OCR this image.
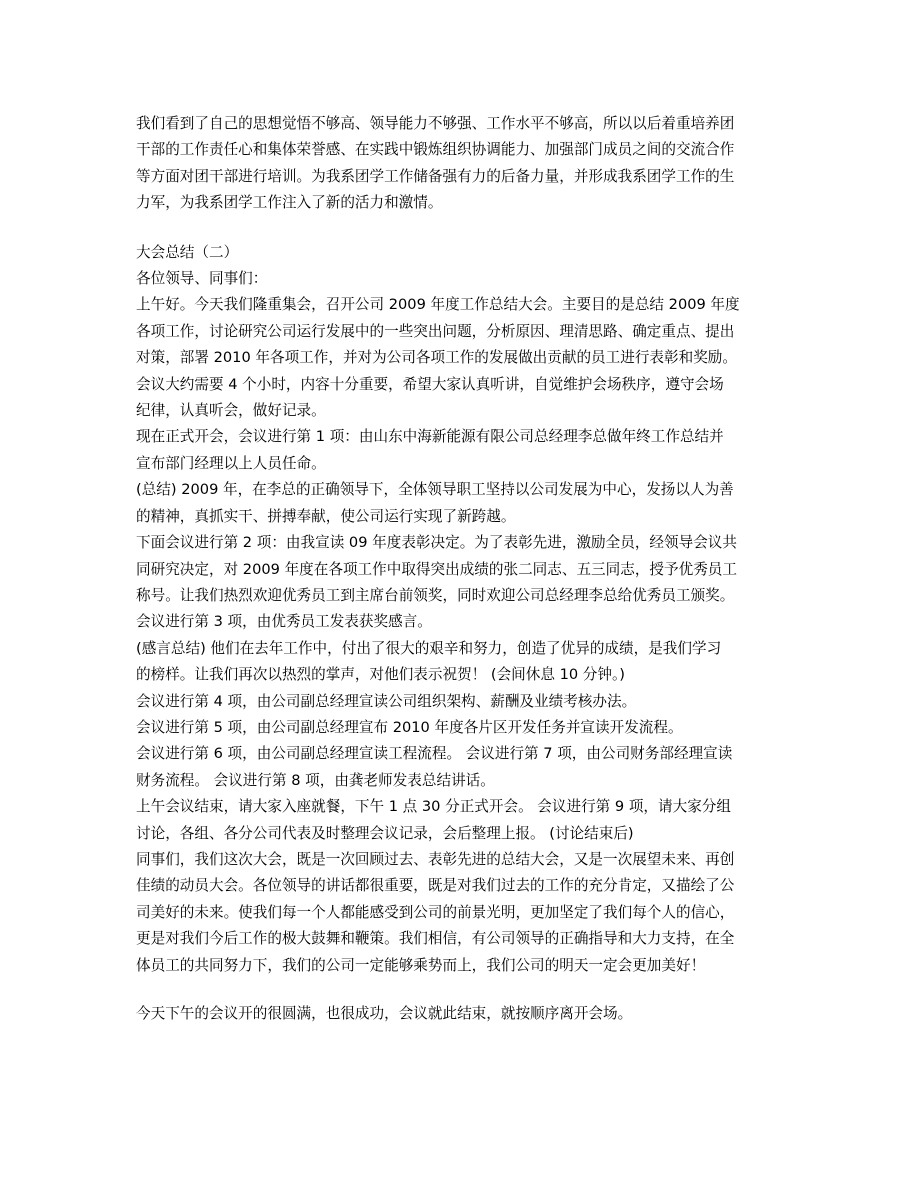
我们看到了自己的思想觉悟不够高、领导能力不够强、工作水平不够高，所以以后着重培养团
干部的工作责任心和集体荣誉感、在实践中锻炼组织协调能力、加强部门成员之间的交流合作
等方面对团干部进行培训。为我系团学工作储备强有力的后备力量，并形成我系团学工作的生
力军，为我系团学工作注入了新的活力和激情。

大会总结（二）
各位领导、同事们：
上午好。今天我们隆重集会，召开公司 2009 年度工作总结大会。主要目的是总结 2009 年度
各项工作，讨论研究公司运行发展中的一些突出问题，分析原因、理清思路、确定重点、提出
对策，部署 2010 年各项工作，并对为公司各项工作的发展做出贡献的员工进行表彰和奖励。
会议大约需要 4 个小时，内容十分重要，希望大家认真听讲，自觉维护会场秩序，遵守会场
纪律，认真听会，做好记录。
现在正式开会，会议进行第 1 项：由山东中海新能源有限公司总经理李总做年终工作总结并
宣布部门经理以上人员任命。
(总结) 2009 年，在李总的正确领导下，全体领导职工坚持以公司发展为中心，发扬以人为善
的精神，真抓实干、拼搏奉献，使公司运行实现了新跨越。
下面会议进行第 2 项：由我宣读 09 年度表彰决定。为了表彰先进，激励全员，经领导会议共
同研究决定，对 2009 年度在各项工作中取得突出成绩的张二同志、五三同志，授予优秀员工
称号。让我们热烈欢迎优秀员工到主席台前领奖，同时欢迎公司总经理李总给优秀员工颁奖。
会议进行第 3 项，由优秀员工发表获奖感言。
(感言总结) 他们在去年工作中，付出了很大的艰辛和努力，创造了优异的成绩，是我们学习
的榜样。让我们再次以热烈的掌声，对他们表示祝贺！ (会间休息 10 分钟。)
会议进行第 4 项，由公司副总经理宣读公司组织架构、薪酬及业绩考核办法。
会议进行第 5 项，由公司副总经理宣布 2010 年度各片区开发任务并宣读开发流程。
会议进行第 6 项，由公司副总经理宣读工程流程。 会议进行第 7 项，由公司财务部经理宣读
财务流程。 会议进行第 8 项，由龚老师发表总结讲话。
上午会议结束，请大家入座就餐，下午 1 点 30 分正式开会。 会议进行第 9 项，请大家分组
讨论，各组、各分公司代表及时整理会议记录，会后整理上报。 (讨论结束后)
同事们，我们这次大会，既是一次回顾过去、表彰先进的总结大会，又是一次展望未来、再创
佳绩的动员大会。各位领导的讲话都很重要，既是对我们过去的工作的充分肯定，又描绘了公
司美好的未来。使我们每一个人都能感受到公司的前景光明，更加坚定了我们每个人的信心，
更是对我们今后工作的极大鼓舞和鞭策。我们相信，有公司领导的正确指导和大力支持，在全
体员工的共同努力下，我们的公司一定能够乘势而上，我们公司的明天一定会更加美好！

今天下午的会议开的很圆满，也很成功，会议就此结束，就按顺序离开会场。
